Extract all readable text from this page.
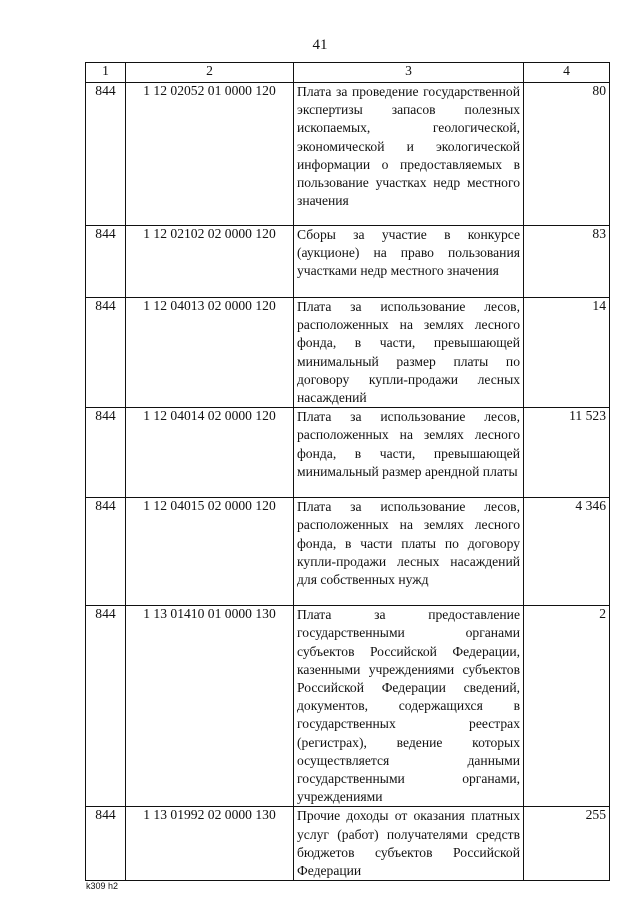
41
1	2	3	4
844	1 12 02052 01 0000 120	Плата за проведение государственной экспертизы запасов полезных ископаемых, геологической, экономической и экологической информации о предоставляемых в пользование участках недр местного значения	80
844	1 12 02102 02 0000 120	Сборы за участие в конкурсе (аукционе) на право пользования участками недр местного значения	83
844	1 12 04013 02 0000 120	Плата за использование лесов, расположенных на землях лесного фонда, в части, превышающей минимальный размер платы по договору купли-продажи лесных насаждений	14
844	1 12 04014 02 0000 120	Плата за использование лесов, расположенных на землях лесного фонда, в части, превышающей минимальный размер арендной платы	11 523
844	1 12 04015 02 0000 120	Плата за использование лесов, расположенных на землях лесного фонда, в части платы по договору купли-продажи лесных насаждений для собственных нужд	4 346
844	1 13 01410 01 0000 130	Плата за предоставление государственными органами субъектов Российской Федерации, казенными учреждениями субъектов Российской Федерации сведений, документов, содержащихся в государственных реестрах (регистрах), ведение которых осуществляется данными государственными органами, учреждениями	2
844	1 13 01992 02 0000 130	Прочие доходы от оказания платных услуг (работ) получателями средств бюджетов субъектов Российской Федерации	255
k309 h2
